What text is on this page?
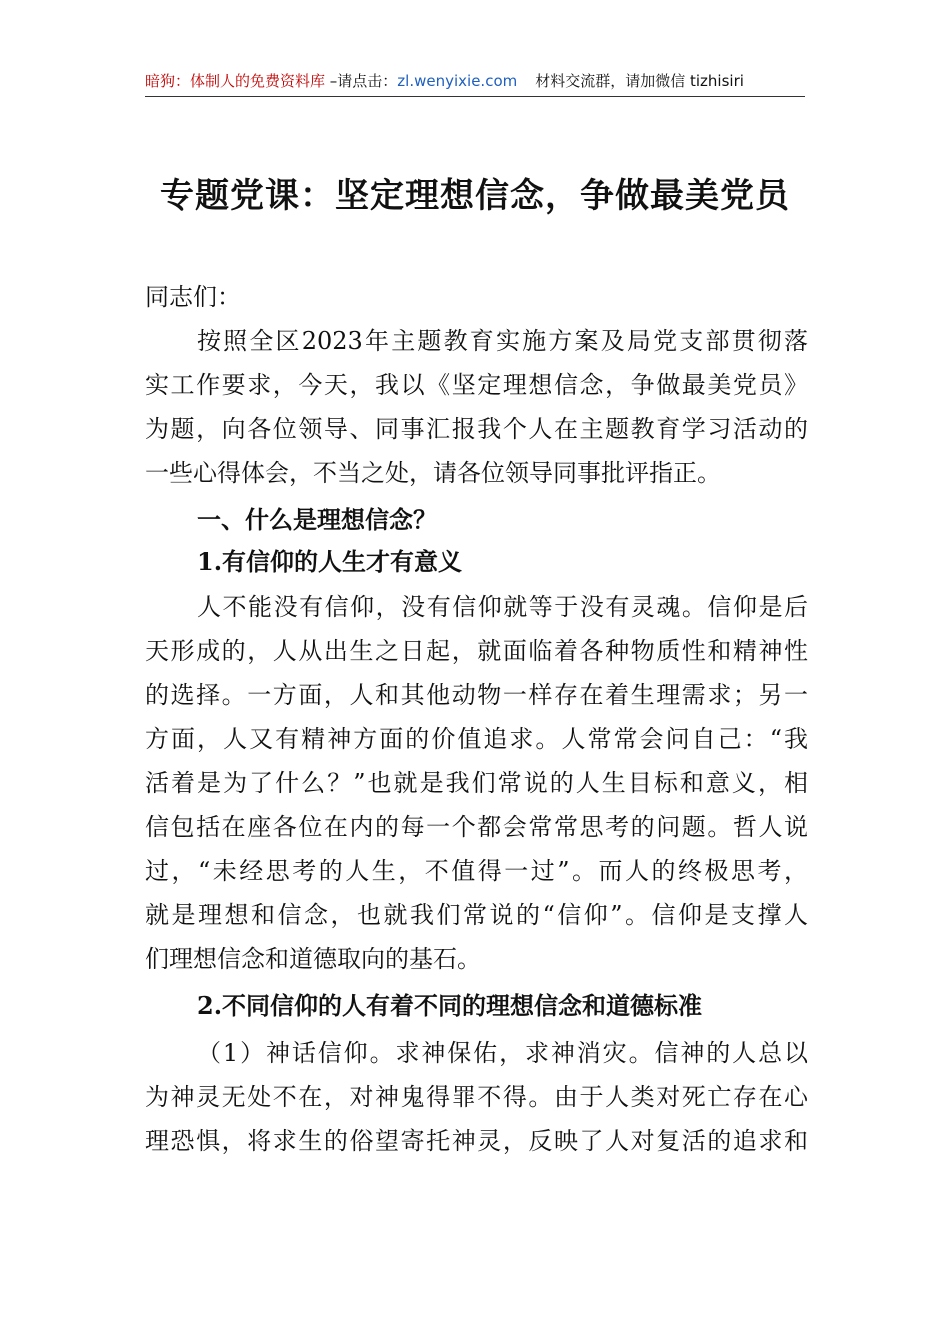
暗狗：体制人的免费资料库 –请点击：zl.wenyixie.com 材料交流群，请加微信 tizhisiri
专题党课：坚定理想信念，争做最美党员
同志们：
按照全区2023年主题教育实施方案及局党支部贯彻落
实工作要求，今天，我以《坚定理想信念，争做最美党员》
为题，向各位领导、同事汇报我个人在主题教育学习活动的
一些心得体会，不当之处，请各位领导同事批评指正。
一、什么是理想信念？
1.有信仰的人生才有意义
人不能没有信仰，没有信仰就等于没有灵魂。信仰是后
天形成的，人从出生之日起，就面临着各种物质性和精神性
的选择。一方面，人和其他动物一样存在着生理需求；另一
方面，人又有精神方面的价值追求。人常常会问自己：“我
活着是为了什么？”也就是我们常说的人生目标和意义，相
信包括在座各位在内的每一个都会常常思考的问题。哲人说
过，“未经思考的人生，不值得一过”。而人的终极思考，
就是理想和信念，也就我们常说的“信仰”。信仰是支撑人
们理想信念和道德取向的基石。
2.不同信仰的人有着不同的理想信念和道德标准
（1）神话信仰。求神保佑，求神消灾。信神的人总以
为神灵无处不在，对神鬼得罪不得。由于人类对死亡存在心
理恐惧，将求生的俗望寄托神灵，反映了人对复活的追求和
